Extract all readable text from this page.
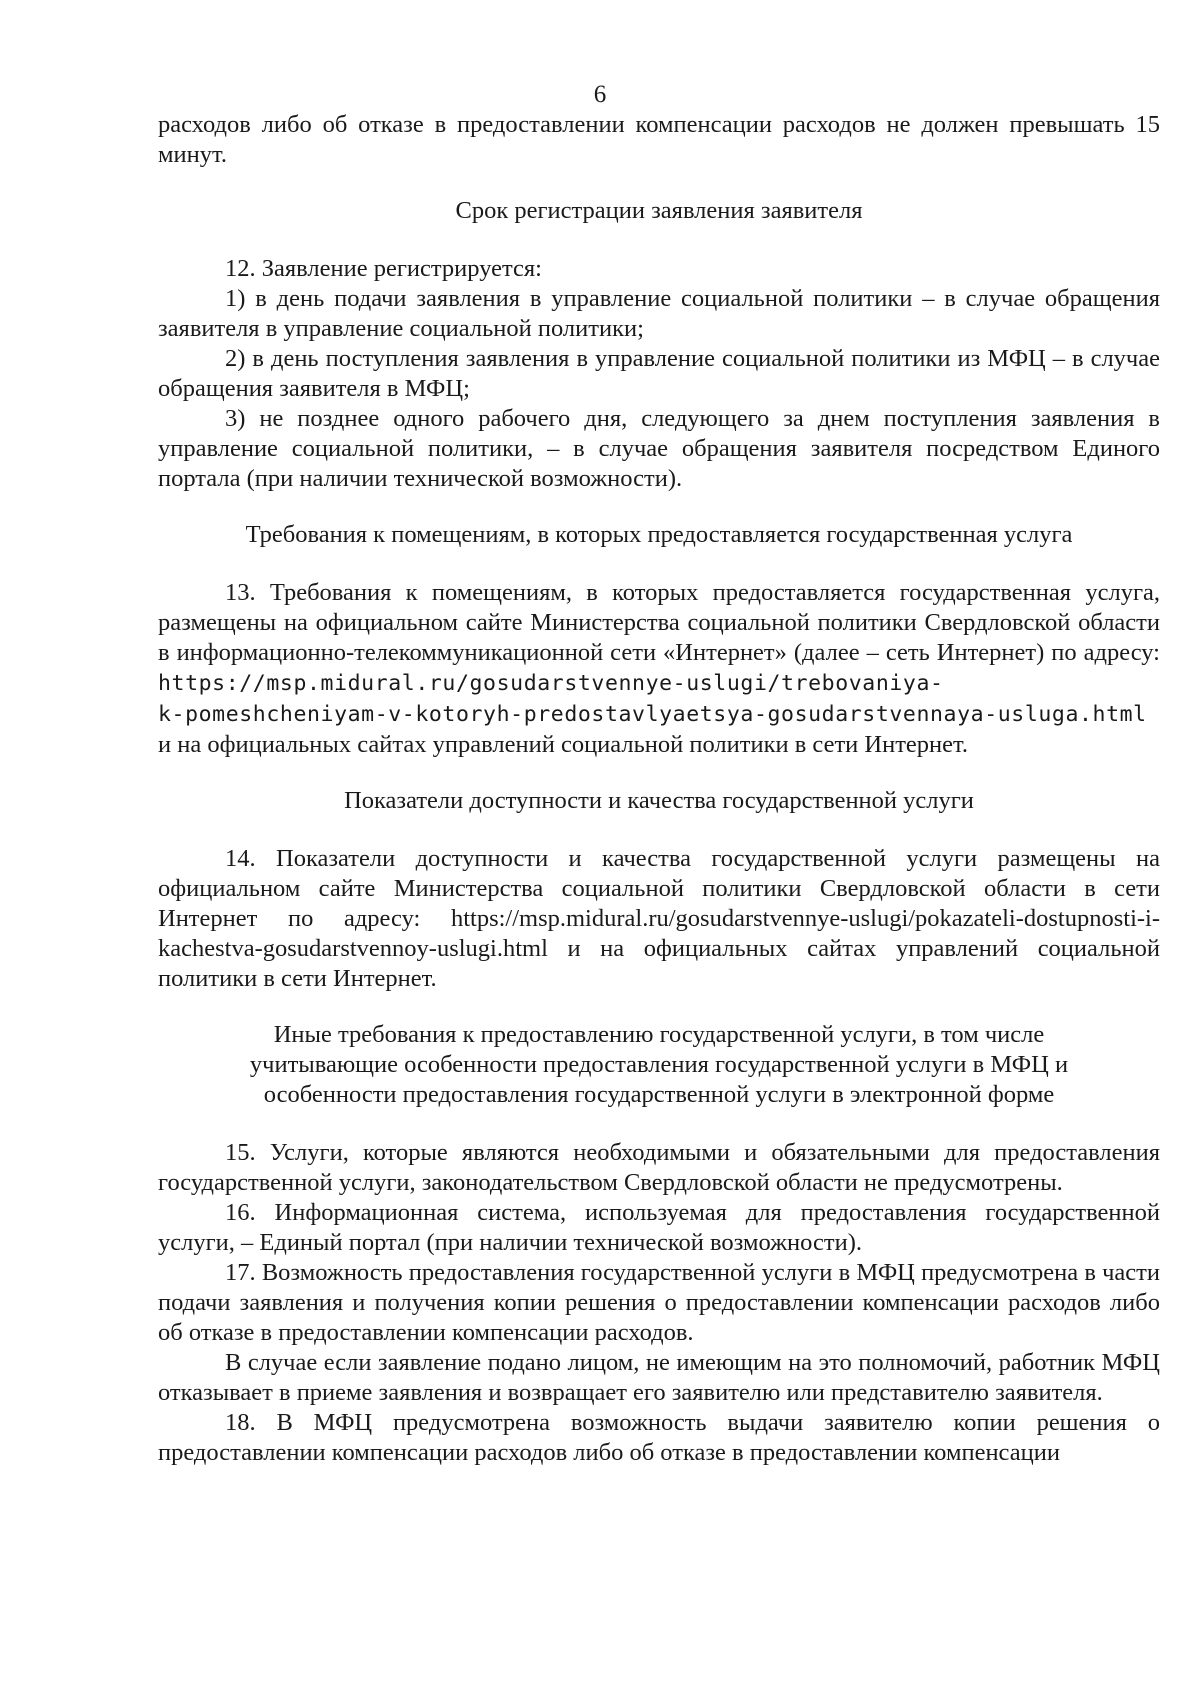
6

расходов либо об отказе в предоставлении компенсации расходов не должен превышать 15 минут.

Срок регистрации заявления заявителя

12. Заявление регистрируется:

1) в день подачи заявления в управление социальной политики – в случае обращения заявителя в управление социальной политики;

2) в день поступления заявления в управление социальной политики из МФЦ – в случае обращения заявителя в МФЦ;

3) не позднее одного рабочего дня, следующего за днем поступления заявления в управление социальной политики, – в случае обращения заявителя посредством Единого портала (при наличии технической возможности).

Требования к помещениям, в которых предоставляется государственная услуга

13. Требования к помещениям, в которых предоставляется государственная услуга, размещены на официальном сайте Министерства социальной политики Свердловской области в информационно-телекоммуникационной сети «Интернет» (далее – сеть Интернет) по адресу: https://msp.midural.ru/gosudarstvennye-uslugi/trebovaniya-

k-pomeshcheniyam-v-kotoryh-predostavlyaetsya-gosudarstvennaya-usluga.html

и на официальных сайтах управлений социальной политики в сети Интернет.

Показатели доступности и качества государственной услуги

14. Показатели доступности и качества государственной услуги размещены на официальном сайте Министерства социальной политики Свердловской области в сети Интернет по адресу: https://msp.midural.ru/gosudarstvennye-uslugi/pokazateli-dostupnosti-i-kachestva-gosudarstvennoy-uslugi.html и на официальных сайтах управлений социальной политики в сети Интернет.

Иные требования к предоставлению государственной услуги, в том числе учитывающие особенности предоставления государственной услуги в МФЦ и особенности предоставления государственной услуги в электронной форме

15. Услуги, которые являются необходимыми и обязательными для предоставления государственной услуги, законодательством Свердловской области не предусмотрены.

16. Информационная система, используемая для предоставления государственной услуги, – Единый портал (при наличии технической возможности).

17. Возможность предоставления государственной услуги в МФЦ предусмотрена в части подачи заявления и получения копии решения о предоставлении компенсации расходов либо об отказе в предоставлении компенсации расходов.

В случае если заявление подано лицом, не имеющим на это полномочий, работник МФЦ отказывает в приеме заявления и возвращает его заявителю или представителю заявителя.

18. В МФЦ предусмотрена возможность выдачи заявителю копии решения о предоставлении компенсации расходов либо об отказе в предоставлении компенсации
